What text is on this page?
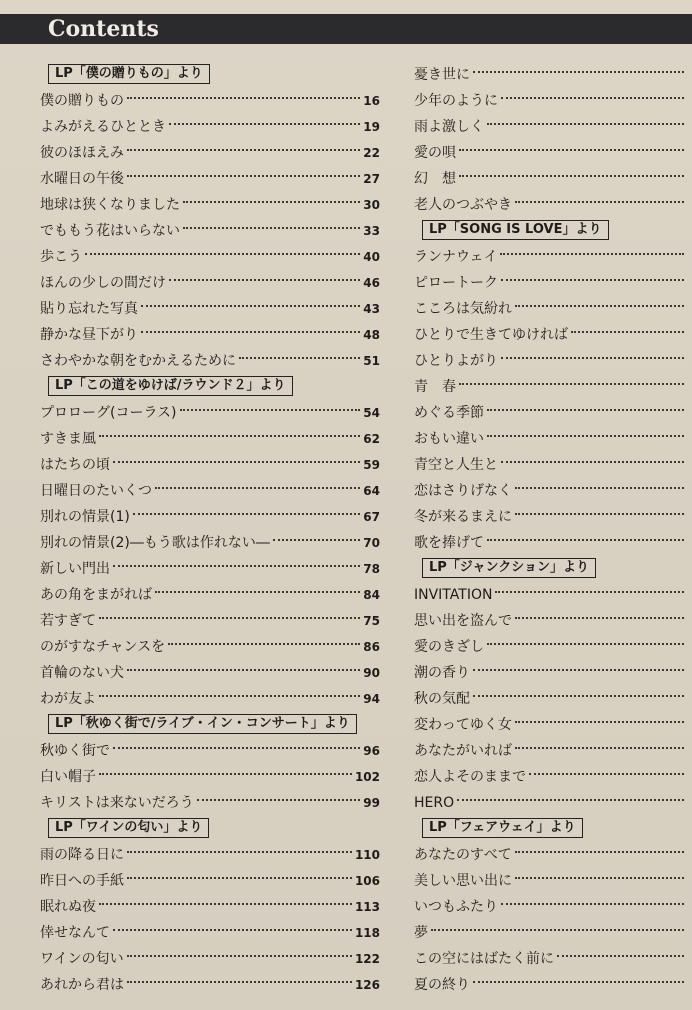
Contents
LP「僕の贈りもの」より
僕の贈りもの	16
よみがえるひととき	19
彼のほほえみ	22
水曜日の午後	27
地球は狭くなりました	30
でももう花はいらない	33
歩こう	40
ほんの少しの間だけ	46
貼り忘れた写真	43
静かな昼下がり	48
さわやかな朝をむかえるために	51
LP「この道をゆけば/ラウンド２」より
プロローグ(コーラス)	54
すきま風	62
はたちの頃	59
日曜日のたいくつ	64
別れの情景(1)	67
別れの情景(2)―もう歌は作れない―	70
新しい門出	78
あの角をまがれば	84
若すぎて	75
のがすなチャンスを	86
首輪のない犬	90
わが友よ	94
LP「秋ゆく街で/ライブ・イン・コンサート」より
秋ゆく街で	96
白い帽子	102
キリストは来ないだろう	99
LP「ワインの匂い」より
雨の降る日に	110
昨日への手紙	106
眠れぬ夜	113
倖せなんて	118
ワインの匂い	122
あれから君は	126
憂き世に
少年のように
雨よ激しく
愛の唄
幻　想
老人のつぶやき
LP「SONG IS LOVE」より
ランナウェイ
ピロートーク
こころは気紛れ
ひとりで生きてゆければ
ひとりよがり
青　春
めぐる季節
おもい違い
青空と人生と
恋はさりげなく
冬が来るまえに
歌を捧げて
LP「ジャンクション」より
INVITATION
思い出を盗んで
愛のきざし
潮の香り
秋の気配
変わってゆく女
あなたがいれば
恋人よそのままで
HERO
LP「フェアウェイ」より
あなたのすべて
美しい思い出に
いつもふたり
夢
この空にはばたく前に
夏の終り
